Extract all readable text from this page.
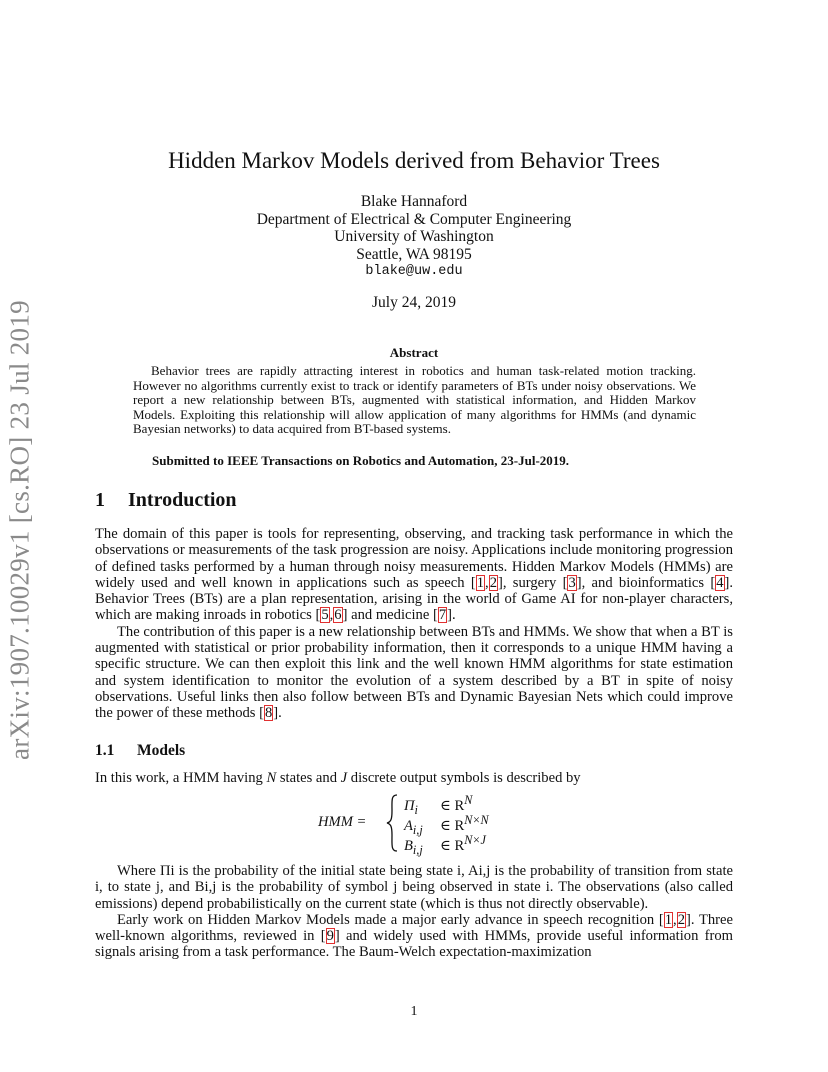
arXiv:1907.10029v1 [cs.RO] 23 Jul 2019
Hidden Markov Models derived from Behavior Trees
Blake Hannaford
Department of Electrical & Computer Engineering
University of Washington
Seattle, WA 98195
blake@uw.edu
July 24, 2019
Abstract

Behavior trees are rapidly attracting interest in robotics and human task-related motion tracking. However no algorithms currently exist to track or identify parameters of BTs under noisy observations. We report a new relationship between BTs, augmented with statistical information, and Hidden Markov Models. Exploiting this relationship will allow application of many algorithms for HMMs (and dynamic Bayesian networks) to data acquired from BT-based systems.

Submitted to IEEE Transactions on Robotics and Automation, 23-Jul-2019.
1 Introduction

The domain of this paper is tools for representing, observing, and tracking task performance in which the observations or measurements of the task progression are noisy. Applications include monitoring progression of defined tasks performed by a human through noisy measurements. Hidden Markov Models (HMMs) are widely used and well known in applications such as speech [1,2], surgery [3], and bioinformatics [4]. Behavior Trees (BTs) are a plan representation, arising in the world of Game AI for non-player characters, which are making inroads in robotics [5,6] and medicine [7].

The contribution of this paper is a new relationship between BTs and HMMs. We show that when a BT is augmented with statistical or prior probability information, then it corresponds to a unique HMM having a specific structure. We can then exploit this link and the well known HMM algorithms for state estimation and system identification to monitor the evolution of a system described by a BT in spite of noisy observations. Useful links then also follow between BTs and Dynamic Bayesian Nets which could improve the power of these methods [8].

1.1 Models

In this work, a HMM having N states and J discrete output symbols is described by

HMM =
$\Pi_i$ ∈ $R^N$
$A_{i,j}$ ∈ $R^{N\times N}$
$B_{i,j}$ ∈ $R^{N\times J}$

Where Πi is the probability of the initial state being state i, Ai,j is the probability of transition from state i, to state j, and Bi,j is the probability of symbol j being observed in state i. The observations (also called emissions) depend probabilistically on the current state (which is thus not directly observable).

Early work on Hidden Markov Models made a major early advance in speech recognition [1,2]. Three well-known algorithms, reviewed in [9] and widely used with HMMs, provide useful information from signals arising from a task performance. The Baum-Welch expectation-maximization

1
